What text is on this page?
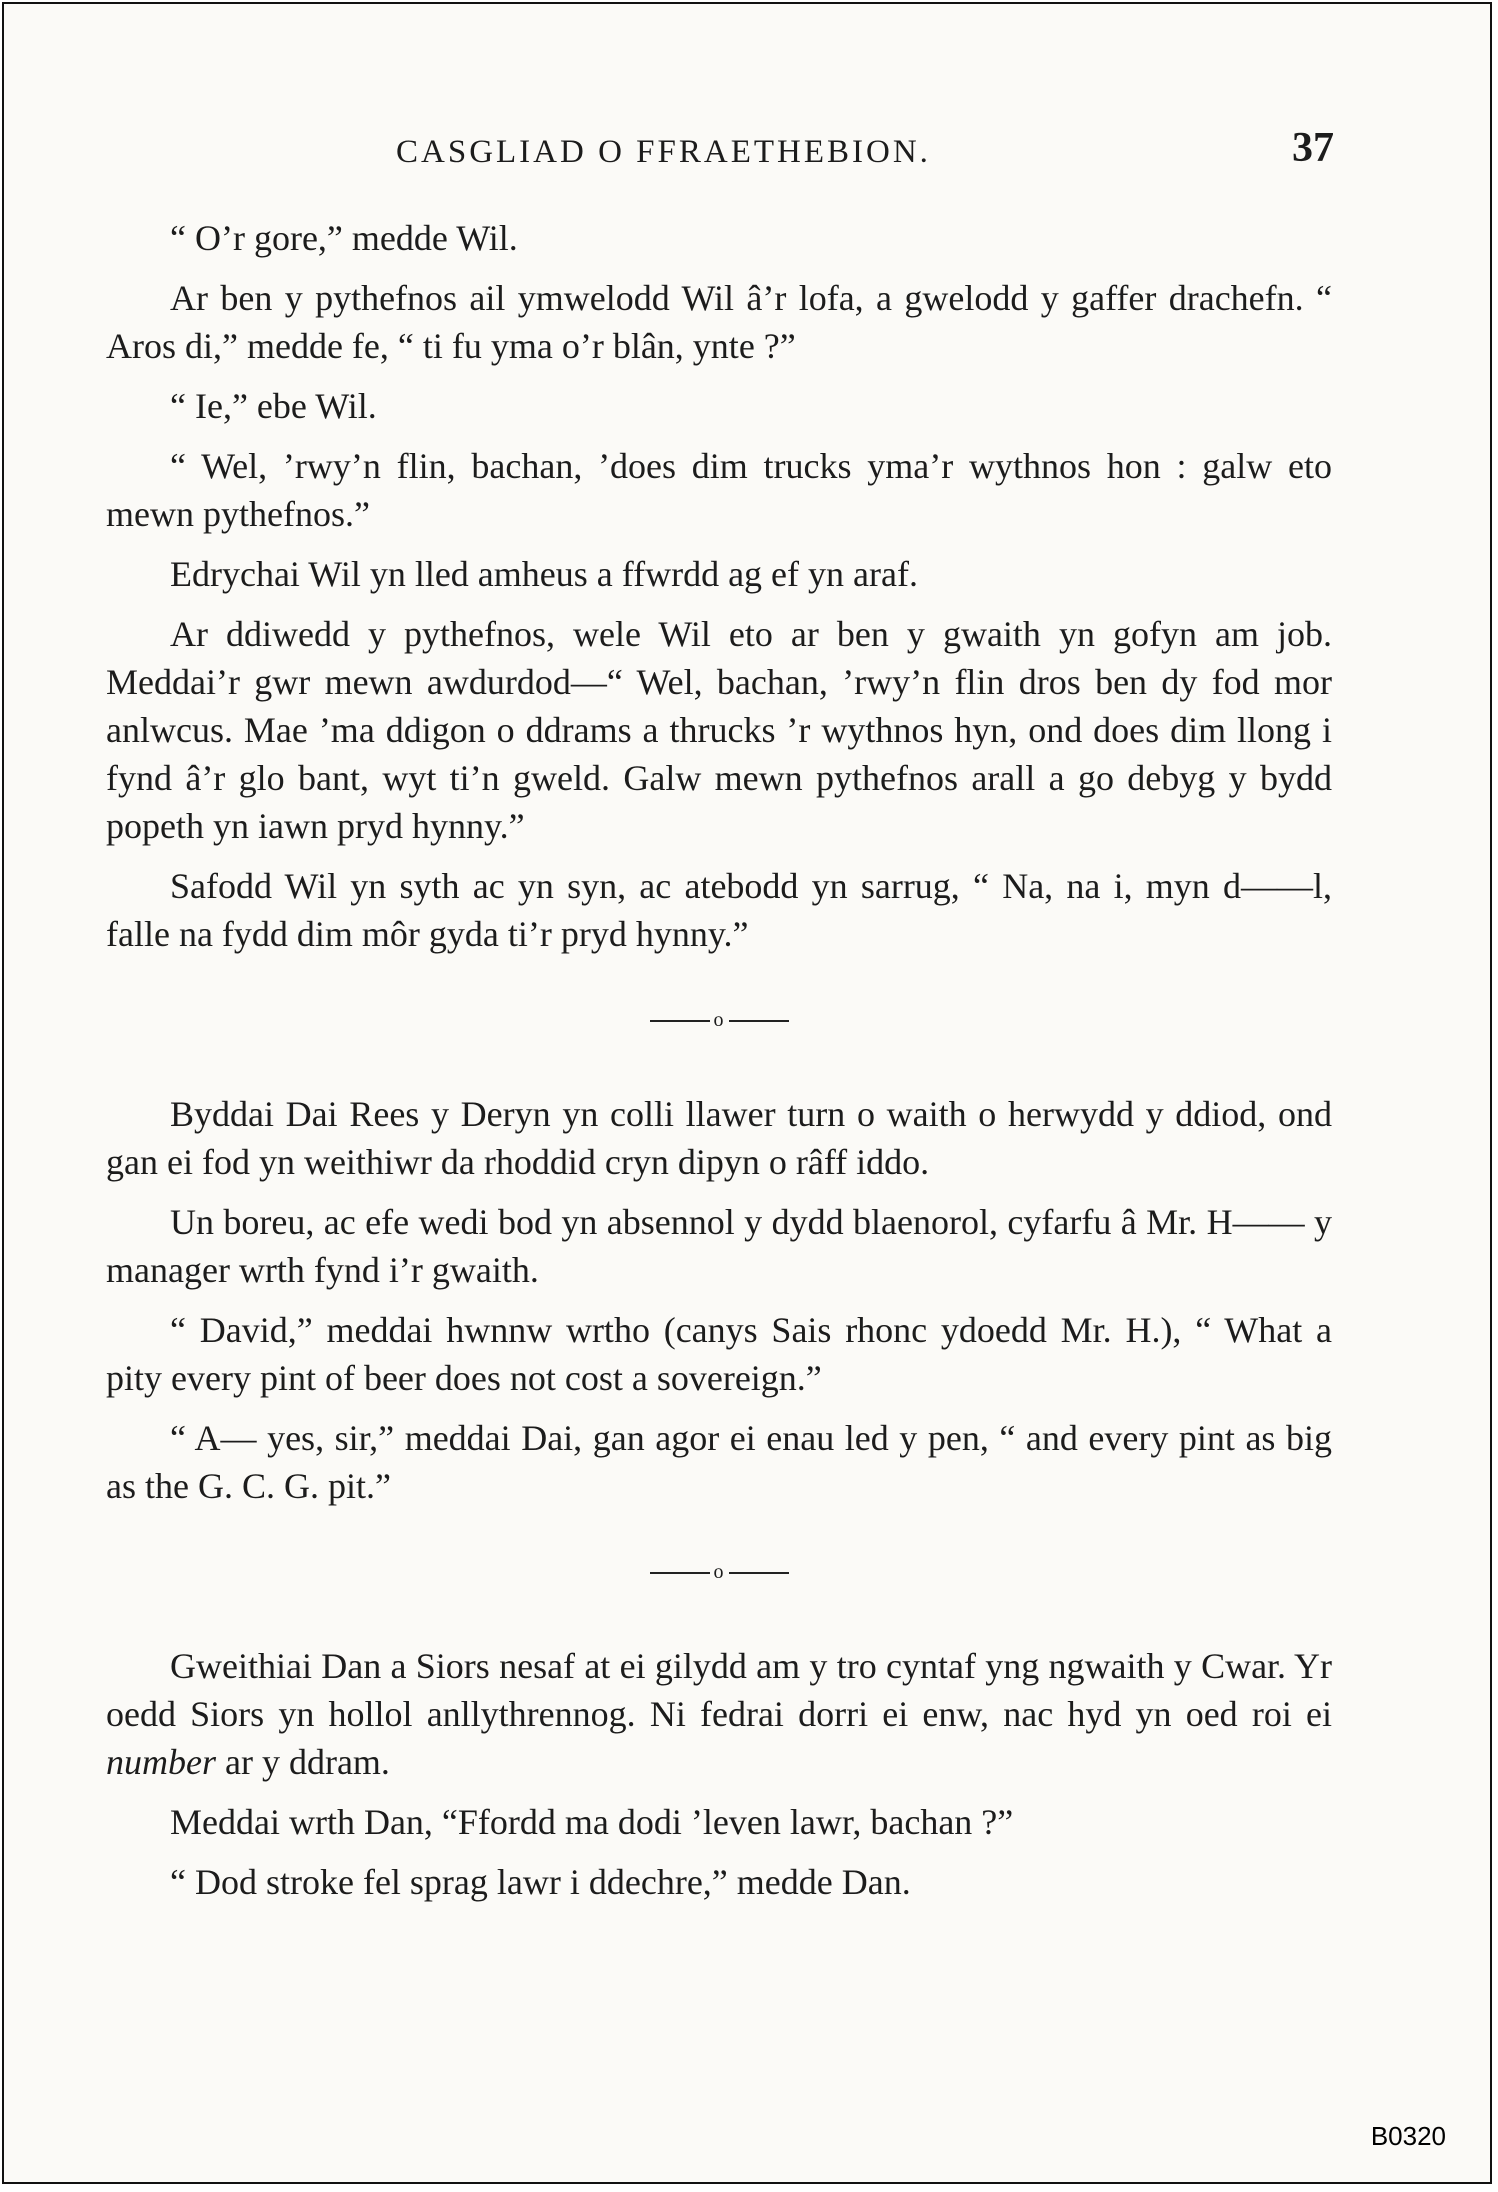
CASGLIAD O FFRAETHEBION.	37

“ O’r gore,” medde Wil.

Ar ben y pythefnos ail ymwelodd Wil â’r lofa, a gwelodd y gaffer drachefn. “ Aros di,” medde fe, “ ti fu yma o’r blân, ynte ?”

“ Ie,” ebe Wil.

“ Wel, ’rwy’n flin, bachan, ’does dim trucks yma’r wythnos hon : galw eto mewn pythefnos.”

Edrychai Wil yn lled amheus a ffwrdd ag ef yn araf.

Ar ddiwedd y pythefnos, wele Wil eto ar ben y gwaith yn gofyn am job. Meddai’r gwr mewn awdurdod—“ Wel, bachan, ’rwy’n flin dros ben dy fod mor anlwcus. Mae ’ma ddigon o ddrams a thrucks ’r wythnos hyn, ond does dim llong i fynd â’r glo bant, wyt ti’n gweld. Galw mewn pythefnos arall a go debyg y bydd popeth yn iawn pryd hynny.”

Safodd Wil yn syth ac yn syn, ac atebodd yn sarrug, “ Na, na i, myn d——l, falle na fydd dim môr gyda ti’r pryd hynny.”

o

Byddai Dai Rees y Deryn yn colli llawer turn o waith o herwydd y ddiod, ond gan ei fod yn weithiwr da rhoddid cryn dipyn o râff iddo.

Un boreu, ac efe wedi bod yn absennol y dydd blaenorol, cyfarfu â Mr. H—— y manager wrth fynd i’r gwaith.

“ David,” meddai hwnnw wrtho (canys Sais rhonc ydoedd Mr. H.), “ What a pity every pint of beer does not cost a sovereign.”

“ A— yes, sir,” meddai Dai, gan agor ei enau led y pen, “ and every pint as big as the G. C. G. pit.”

o

Gweithiai Dan a Siors nesaf at ei gilydd am y tro cyntaf yng ngwaith y Cwar. Yr oedd Siors yn hollol anllythrennog. Ni fedrai dorri ei enw, nac hyd yn oed roi ei number ar y ddram.

Meddai wrth Dan, “Ffordd ma dodi ’leven lawr, bachan ?”

“ Dod stroke fel sprag lawr i ddechre,” medde Dan.

B0320
